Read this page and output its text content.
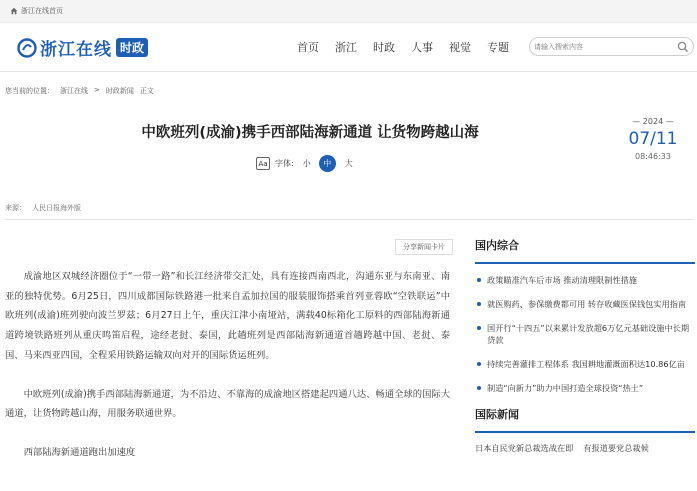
浙江在线首页
浙江在线 时政	首页 浙江 时政 人事 视觉 专题
请输入搜索内容
您当前的位置： 浙江在线 > 时政新闻 正文
中欧班列(成渝)携手西部陆海新通道 让货物跨越山海
Aa 字体: 小	中	大
— 2024 —
07/11
08:46:33
来源： 人民日报海外版
分享新闻卡片

成渝地区双城经济圈位于“一带一路”和长江经济带交汇处，具有连接西南西北，沟通东亚与东南亚、南亚的独特优势。6月25日，四川成都国际铁路港一批来自孟加拉国的服装服饰搭乘首列亚蓉欧“空铁联运”中欧班列(成渝)班列驶向波兰罗兹；6月27日上午，重庆江津小南垭站，满载40标箱化工原料的西部陆海新通道跨境铁路班列从重庆鸣笛启程，途经老挝、泰国，此趟班列是西部陆海新通道首趟跨越中国、老挝、泰国、马来西亚四国，全程采用铁路运输双向对开的国际货运班列。

中欧班列(成渝)携手西部陆海新通道，为不沿边、不靠海的成渝地区搭建起四通八达、畅通全球的国际大通道，让货物跨越山海，用服务联通世界。

西部陆海新通道跑出加速度

国内综合
政策瞄准汽车后市场 推动清理限制性措施
就医购药、参保缴费都可用 转存收藏医保钱包实用指南
国开行“十四五”以来累计发放超6万亿元基础设施中长期贷款
持续完善灌排工程体系 我国耕地灌溉面积达10.86亿亩
制造“向新力”助力中国打造全球投资“热土”
国际新闻
日本自民党新总裁选战在即 有报道要党总裁候
